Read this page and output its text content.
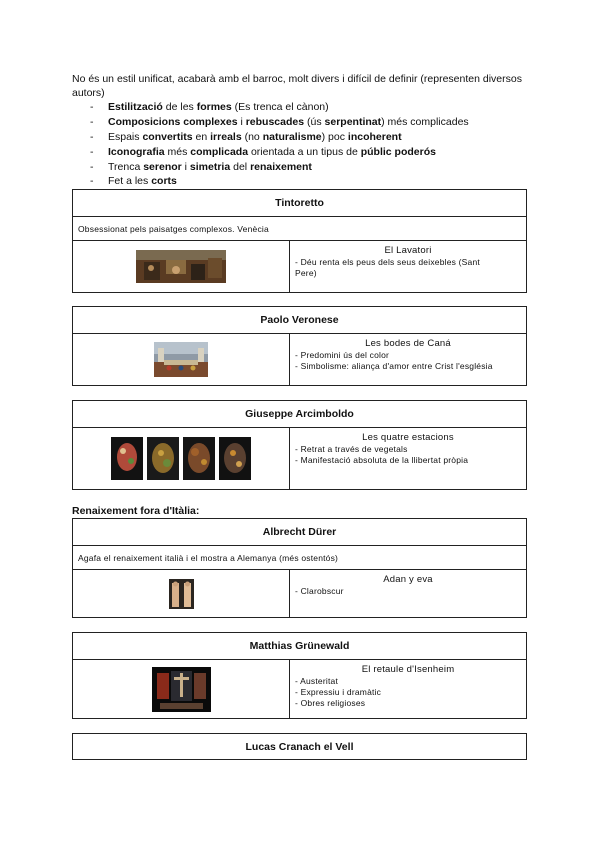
No és un estil unificat, acabarà amb el barroc, molt divers i difícil de definir (representen diversos autors)

- Estilització de les formes (Es trenca el cànon)
- Composicions complexes i rebuscades (ús serpentinat) més complicades
- Espais convertits en irreals (no naturalisme) poc incoherent
- Iconografia més complicada orientada a un tipus de públic poderós
- Trenca serenor i simetria del renaixement
- Fet a les corts
Tintoretto
Obsessionat pels paisatges complexos. Venècia
El Lavatori
- Déu renta els peus dels seus deixebles (Sant
Pere)
Paolo Veronese
Les bodes de Caná
- Predomini ús del color
- Simbolisme: aliança d'amor entre Crist l'església
Giuseppe Arcimboldo
Les quatre estacions
- Retrat a través de vegetals
- Manifestació absoluta de la llibertat pròpia
Renaixement fora d'Itàlia:
Albrecht Dürer
Agafa el renaixement italià i el mostra a Alemanya (més ostentós)
Adan y eva
- Clarobscur
Matthias Grünewald
El retaule d'Isenheim
- Austeritat
- Expressiu i dramàtic
- Obres religioses
Lucas Cranach el Vell
